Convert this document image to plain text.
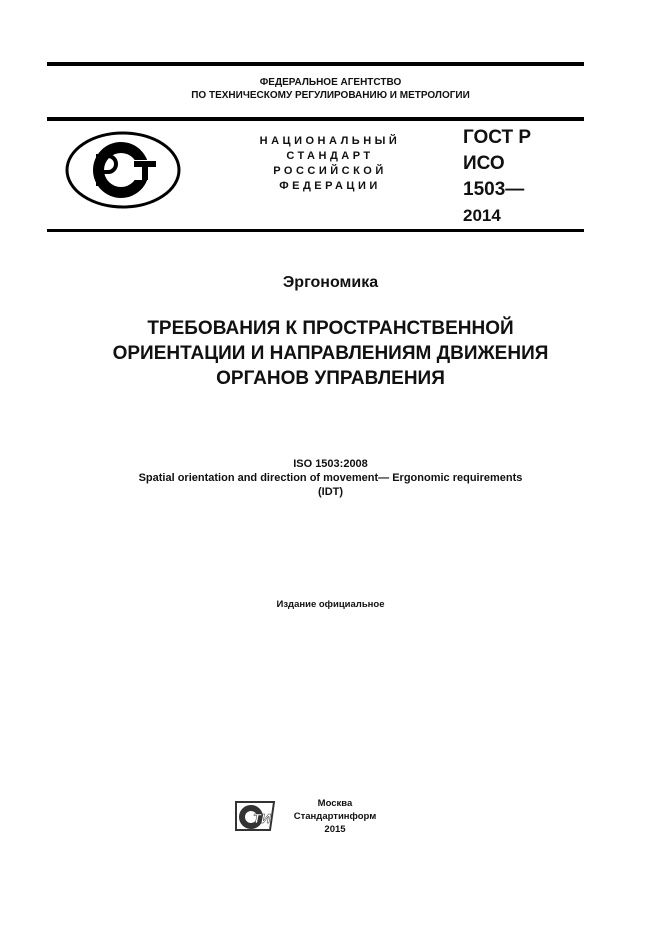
ФЕДЕРАЛЬНОЕ АГЕНТСТВО
ПО ТЕХНИЧЕСКОМУ РЕГУЛИРОВАНИЮ И МЕТРОЛОГИИ
НАЦИОНАЛЬНЫЙ
СТАНДАРТ
РОССИЙСКОЙ
ФЕДЕРАЦИИ
ГОСТ Р
ИСО
1503—
2014
Эргономика
ТРЕБОВАНИЯ К ПРОСТРАНСТВЕННОЙ
ОРИЕНТАЦИИ И НАПРАВЛЕНИЯМ ДВИЖЕНИЯ
ОРГАНОВ УПРАВЛЕНИЯ
ISO 1503:2008
Spatial orientation and direction of movement— Ergonomic requirements
(IDT)
Издание официальное
ТИ
Москва
Стандартинформ
2015
